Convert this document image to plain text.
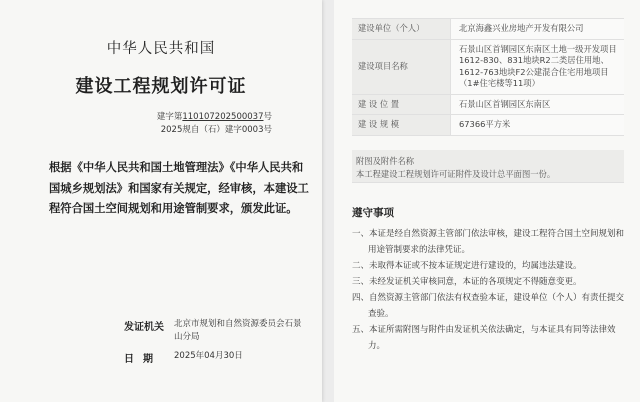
中华人民共和国
建设工程规划许可证
建字第110107202500037号
2025规自（石）建字0003号
根据《中华人民共和国土地管理法》《中华人民共和国城乡规划法》和国家有关规定，经审核，本建设工程符合国土空间规划和用途管制要求，颁发此证。
发证机关 北京市规划和自然资源委员会石景山分局
日期 2025年04月30日
建设单位（个人）	北京海鑫兴业房地产开发有限公司
建设项目名称	石景山区首钢园区东南区土地一级开发项目1612-830、831地块R2二类居住用地、1612-763地块F2公建混合住宅用地项目（1#住宅楼等11项）
建 设 位 置	石景山区首钢园区东南区
建 设 规 模	67366平方米
附图及附件名称
本工程建设工程规划许可证附件及设计总平面图一份。
遵守事项
一、本证是经自然资源主管部门依法审核，建设工程符合国土空间规划和用途管制要求的法律凭证。
二、未取得本证或不按本证规定进行建设的，均属违法建设。
三、未经发证机关审核同意，本证的各项规定不得随意变更。
四、自然资源主管部门依法有权查验本证，建设单位（个人）有责任提交查验。
五、本证所需附图与附件由发证机关依法确定，与本证具有同等法律效力。
